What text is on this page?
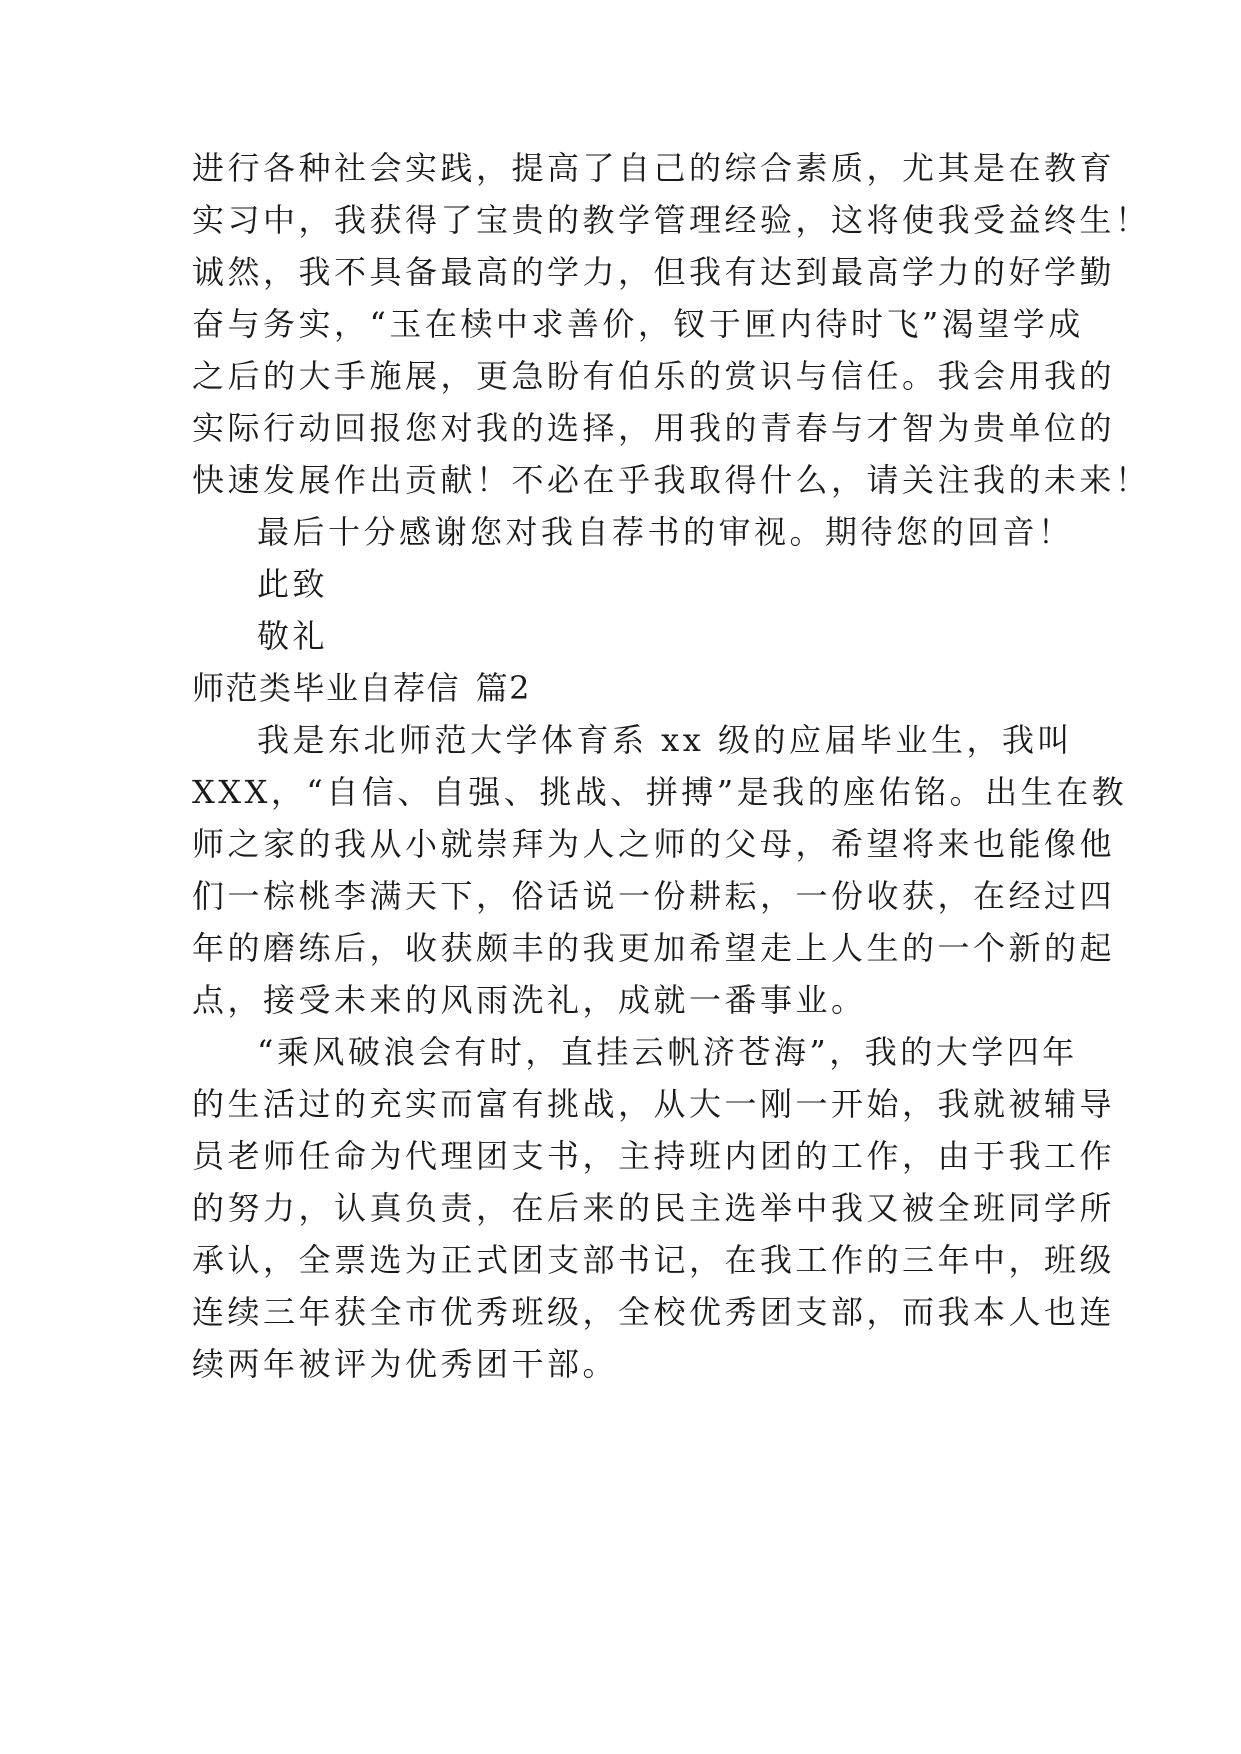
进行各种社会实践，提高了自己的综合素质，尤其是在教育
实习中，我获得了宝贵的教学管理经验，这将使我受益终生！
诚然，我不具备最高的学力，但我有达到最高学力的好学勤
奋与务实，“玉在椟中求善价，钗于匣内待时飞”渴望学成
之后的大手施展，更急盼有伯乐的赏识与信任。我会用我的
实际行动回报您对我的选择，用我的青春与才智为贵单位的
快速发展作出贡献！不必在乎我取得什么，请关注我的未来！
最后十分感谢您对我自荐书的审视。期待您的回音！
此致
敬礼
师范类毕业自荐信 篇2
我是东北师范大学体育系 xx 级的应届毕业生，我叫
XXX，“自信、自强、挑战、拼搏”是我的座佑铭。出生在教
师之家的我从小就崇拜为人之师的父母，希望将来也能像他
们一棕桃李满天下，俗话说一份耕耘，一份收获，在经过四
年的磨练后，收获颇丰的我更加希望走上人生的一个新的起
点，接受未来的风雨洗礼，成就一番事业。
“乘风破浪会有时，直挂云帆济苍海”，我的大学四年
的生活过的充实而富有挑战，从大一刚一开始，我就被辅导
员老师任命为代理团支书，主持班内团的工作，由于我工作
的努力，认真负责，在后来的民主选举中我又被全班同学所
承认，全票选为正式团支部书记，在我工作的三年中，班级
连续三年获全市优秀班级，全校优秀团支部，而我本人也连
续两年被评为优秀团干部。
